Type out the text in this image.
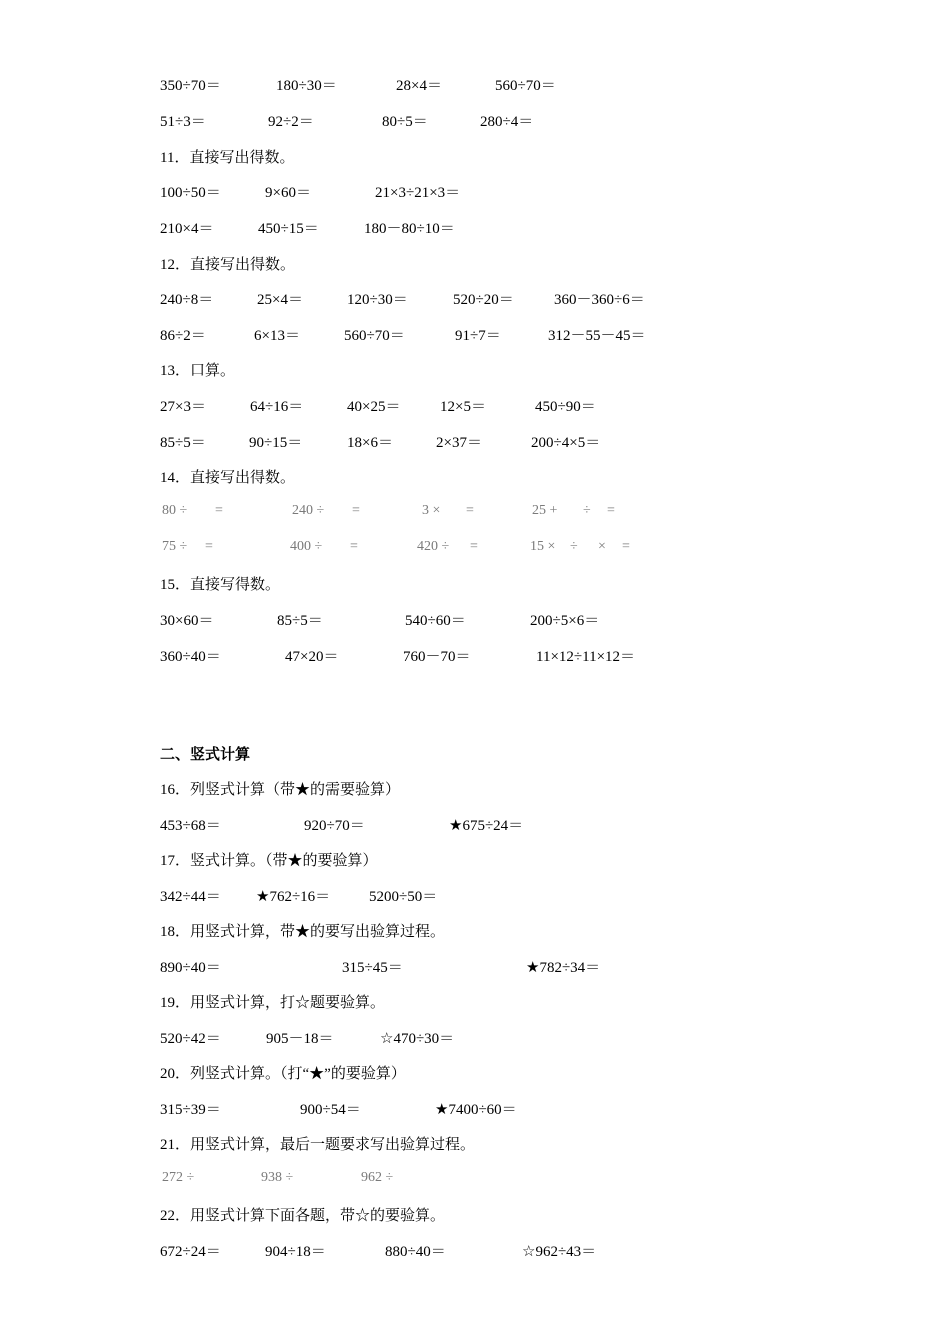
350÷70＝	180÷30＝	28×4＝	560÷70＝
51÷3＝	92÷2＝	80÷5＝	280÷4＝
11．直接写出得数。
100÷50＝	9×60＝	21×3÷21×3＝
210×4＝	450÷15＝	180－80÷10＝
12．直接写出得数。
240÷8＝	25×4＝	120÷30＝	520÷20＝	360－360÷6＝
86÷2＝	6×13＝	560÷70＝	91÷7＝	312－55－45＝
13．口算。
27×3＝	64÷16＝	40×25＝	12×5＝	450÷90＝
85÷5＝	90÷15＝	18×6＝	2×37＝	200÷4×5＝
14．直接写出得数。
80 ÷ =	240 ÷ =	3 × =	25 + ÷ =
75 ÷ =	400 ÷ =	420 ÷ =	15 × ÷ × =
15．直接写得数。
30×60＝	85÷5＝	540÷60＝	200÷5×6＝
360÷40＝	47×20＝	760－70＝	11×12÷11×12＝
二、竖式计算
16．列竖式计算（带★的需要验算）
453÷68＝	920÷70＝	★675÷24＝
17．竖式计算。（带★的要验算）
342÷44＝ ★762÷16＝	5200÷50＝
18．用竖式计算，带★的要写出验算过程。
890÷40＝	315÷45＝	★782÷34＝
19．用竖式计算，打☆题要验算。
520÷42＝	905－18＝	☆470÷30＝
20．列竖式计算。（打“★”的要验算）
315÷39＝	900÷54＝	★7400÷60＝
21．用竖式计算，最后一题要求写出验算过程。
272 ÷	938 ÷	962 ÷
22．用竖式计算下面各题，带☆的要验算。
672÷24＝	904÷18＝	880÷40＝	☆962÷43＝
